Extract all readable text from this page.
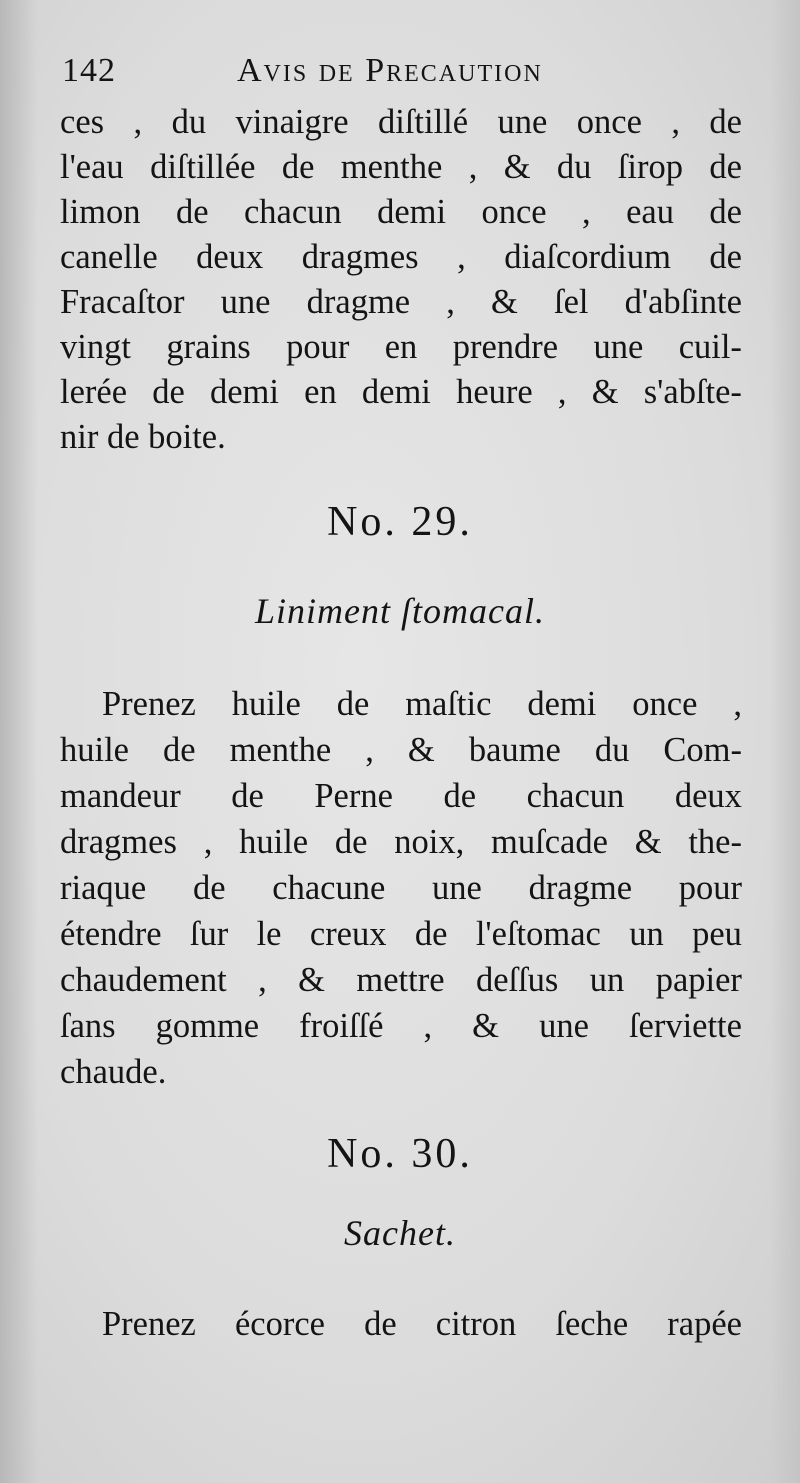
142	Avis de Precaution
ces , du vinaigre diſtillé une once , de
l'eau diſtillée de menthe , & du ſirop de
limon de chacun demi once , eau de
canelle deux dragmes , diaſcordium de
Fracaſtor une dragme , & ſel d'abſinte
vingt grains pour en prendre une cuil-
lerée de demi en demi heure , & s'abſte-
nir de boite.
No. 29.
Liniment ſtomacal.
Prenez huile de maſtic demi once ,
huile de menthe , & baume du Com-
mandeur de Perne de chacun deux
dragmes , huile de noix, muſcade & the-
riaque de chacune une dragme pour
étendre ſur le creux de l'eſtomac un peu
chaudement , & mettre deſſus un papier
ſans gomme froiſſé , & une ſerviette
chaude.
No. 30.
Sachet.
Prenez écorce de citron ſeche rapée
